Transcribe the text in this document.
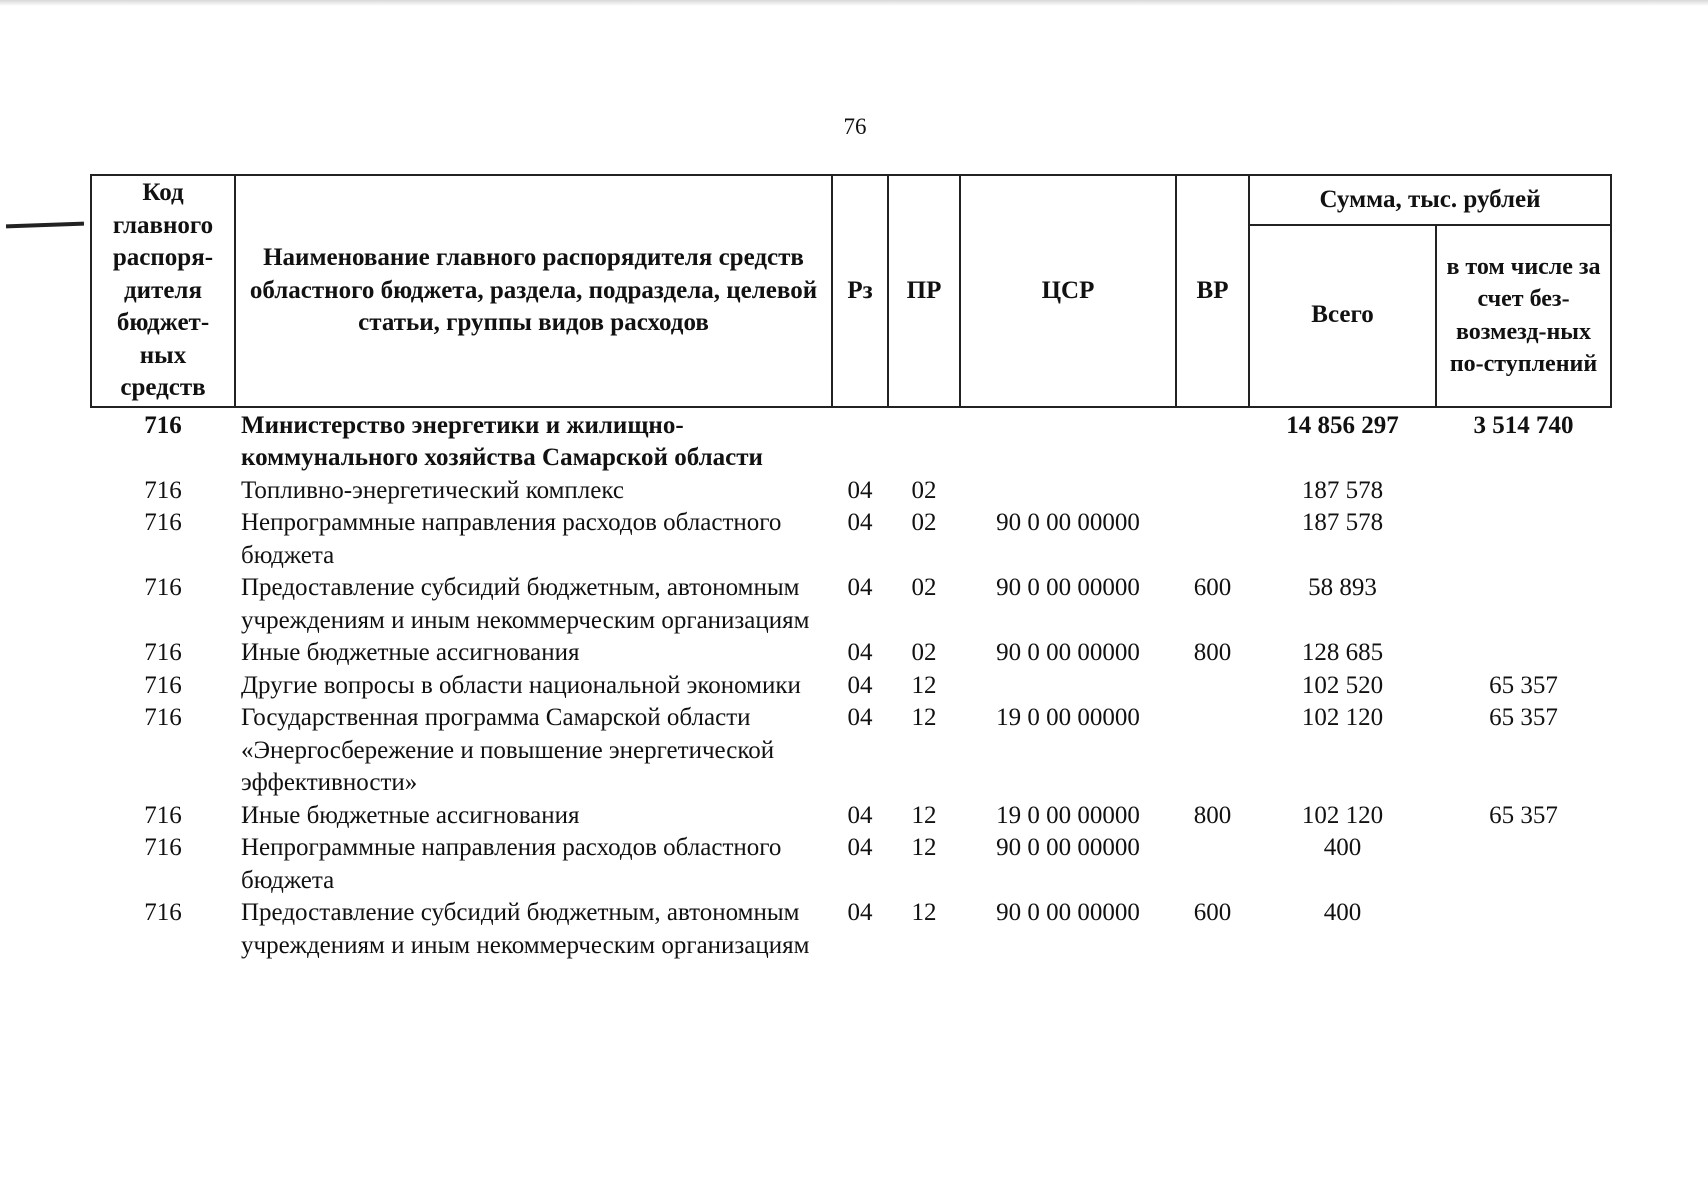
76
Код главного распоря-дителя бюджет-ных средств	Наименование главного распорядителя средств областного бюджета, раздела, подраздела, целевой статьи, группы видов расходов	Рз	ПР	ЦСР	ВР	Сумма, тыс. рублей	
						Всего	в том числе за счет без-возмезд-ных по-ступлений
716	Министерство энергетики и жилищно-коммунального хозяйства Самарской области					14 856 297	3 514 740
716	Топливно-энергетический комплекс	04	02			187 578	
716	Непрограммные направления расходов областного бюджета	04	02	90 0 00 00000		187 578	
716	Предоставление субсидий бюджетным, автономным учреждениям и иным некоммерческим организациям	04	02	90 0 00 00000	600	58 893	
716	Иные бюджетные ассигнования	04	02	90 0 00 00000	800	128 685	
716	Другие вопросы в области национальной экономики	04	12			102 520	65 357
716	Государственная программа Самарской области «Энергосбережение и повышение энергетической эффективности»	04	12	19 0 00 00000		102 120	65 357
716	Иные бюджетные ассигнования	04	12	19 0 00 00000	800	102 120	65 357
716	Непрограммные направления расходов областного бюджета	04	12	90 0 00 00000		400	
716	Предоставление субсидий бюджетным, автономным учреждениям и иным некоммерческим организациям	04	12	90 0 00 00000	600	400	
